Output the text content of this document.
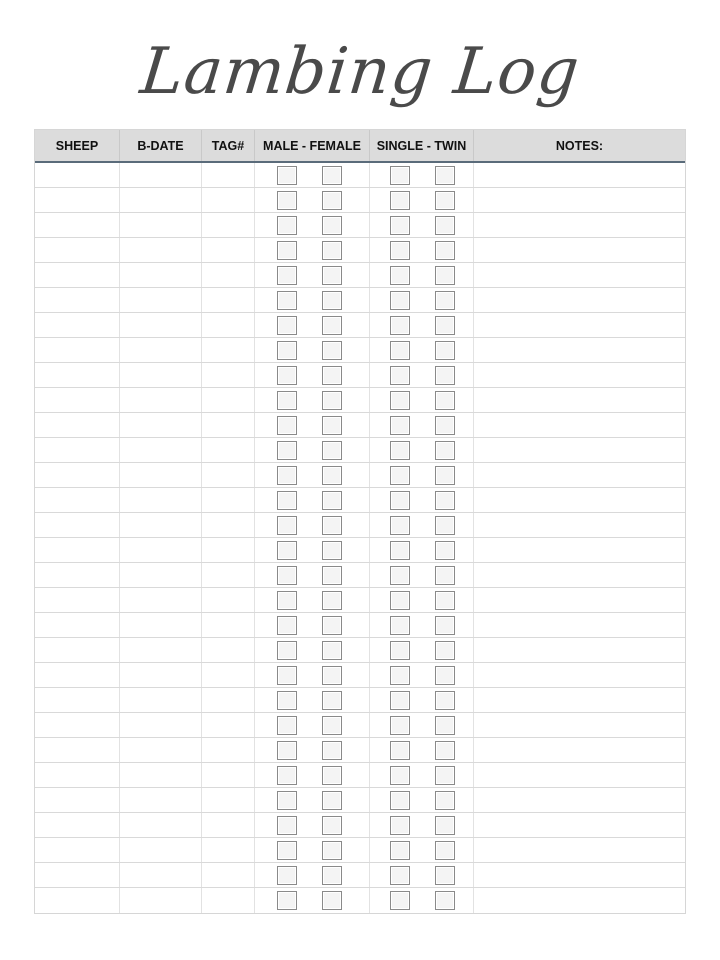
Lambing Log
SHEEP	B-DATE	TAG#	MALE - FEMALE	SINGLE - TWIN	NOTES:
